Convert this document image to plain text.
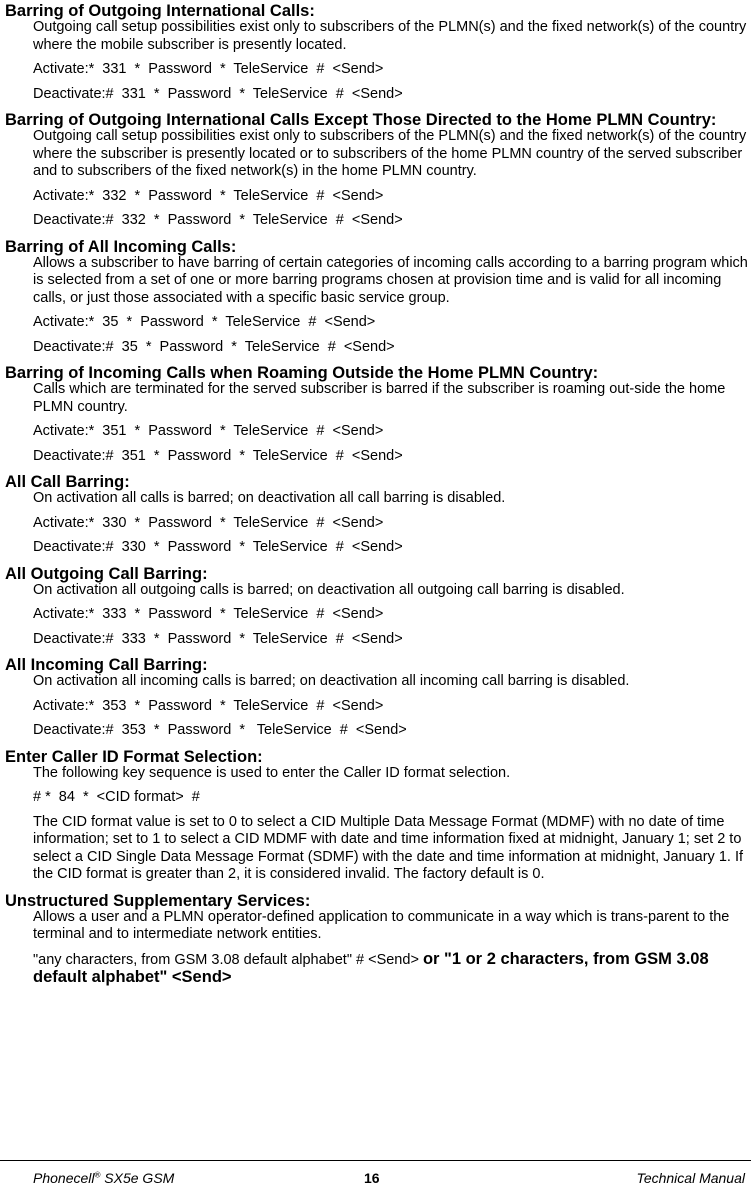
Barring of Outgoing International Calls:
Outgoing call setup possibilities exist only to subscribers of the PLMN(s) and the fixed network(s) of the country where the mobile subscriber is presently located.
Activate:*  331  *  Password  *  TeleService  #  <Send>
Deactivate:#  331  *  Password  *  TeleService  #  <Send>
Barring of Outgoing International Calls Except Those Directed to the Home PLMN Country:
Outgoing call setup possibilities exist only to subscribers of the PLMN(s) and the fixed network(s) of the country where the subscriber is presently located or to subscribers of the home PLMN country of the served subscriber and to subscribers of the fixed network(s) in the home PLMN country.
Activate:*  332  *  Password  *  TeleService  #  <Send>
Deactivate:#  332  *  Password  *  TeleService  #  <Send>
Barring of All Incoming Calls:
Allows a subscriber to have barring of certain categories of incoming calls according to a barring program which is selected from a set of one or more barring programs chosen at provision time and is valid for all incoming calls, or just those associated with a specific basic service group.
Activate:*  35  *  Password  *  TeleService  #  <Send>
Deactivate:#  35  *  Password  *  TeleService  #  <Send>
Barring of Incoming Calls when Roaming Outside the Home PLMN Country:
Calls which are terminated for the served subscriber is barred if the subscriber is roaming out-side the home PLMN country.
Activate:*  351  *  Password  *  TeleService  #  <Send>
Deactivate:#  351  *  Password  *  TeleService  #  <Send>
All Call Barring:
On activation all calls is barred; on deactivation all call barring is disabled.
Activate:*  330  *  Password  *  TeleService  #  <Send>
Deactivate:#  330  *  Password  *  TeleService  #  <Send>
All Outgoing Call Barring:
On activation all outgoing calls is barred; on deactivation all outgoing call barring is disabled.
Activate:*  333  *  Password  *  TeleService  #  <Send>
Deactivate:#  333  *  Password  *  TeleService  #  <Send>
All Incoming Call Barring:
On activation all incoming calls is barred; on deactivation all incoming call barring is disabled.
Activate:*  353  *  Password  *  TeleService  #  <Send>
Deactivate:#  353  *  Password  *   TeleService  #  <Send>
Enter Caller ID Format Selection:
The following key sequence is used to enter the Caller ID format selection.
# *  84  *  <CID format>  #
The CID format value is set to 0 to select a CID Multiple Data Message Format (MDMF) with no date of time information; set to 1 to select a CID MDMF with date and time information fixed at midnight, January 1; set 2 to select a CID Single Data Message Format (SDMF) with the date and time information at midnight, January 1. If the CID format is greater than 2, it is considered invalid. The factory default is 0.
Unstructured Supplementary Services:
Allows a user and a PLMN operator-defined application to communicate in a way which is trans-parent to the terminal and to intermediate network entities.
"any characters, from GSM 3.08 default alphabet" # <Send> or "1 or 2 characters, from GSM 3.08 default alphabet" <Send>
Phonecell® SX5e GSM	16	Technical Manual
